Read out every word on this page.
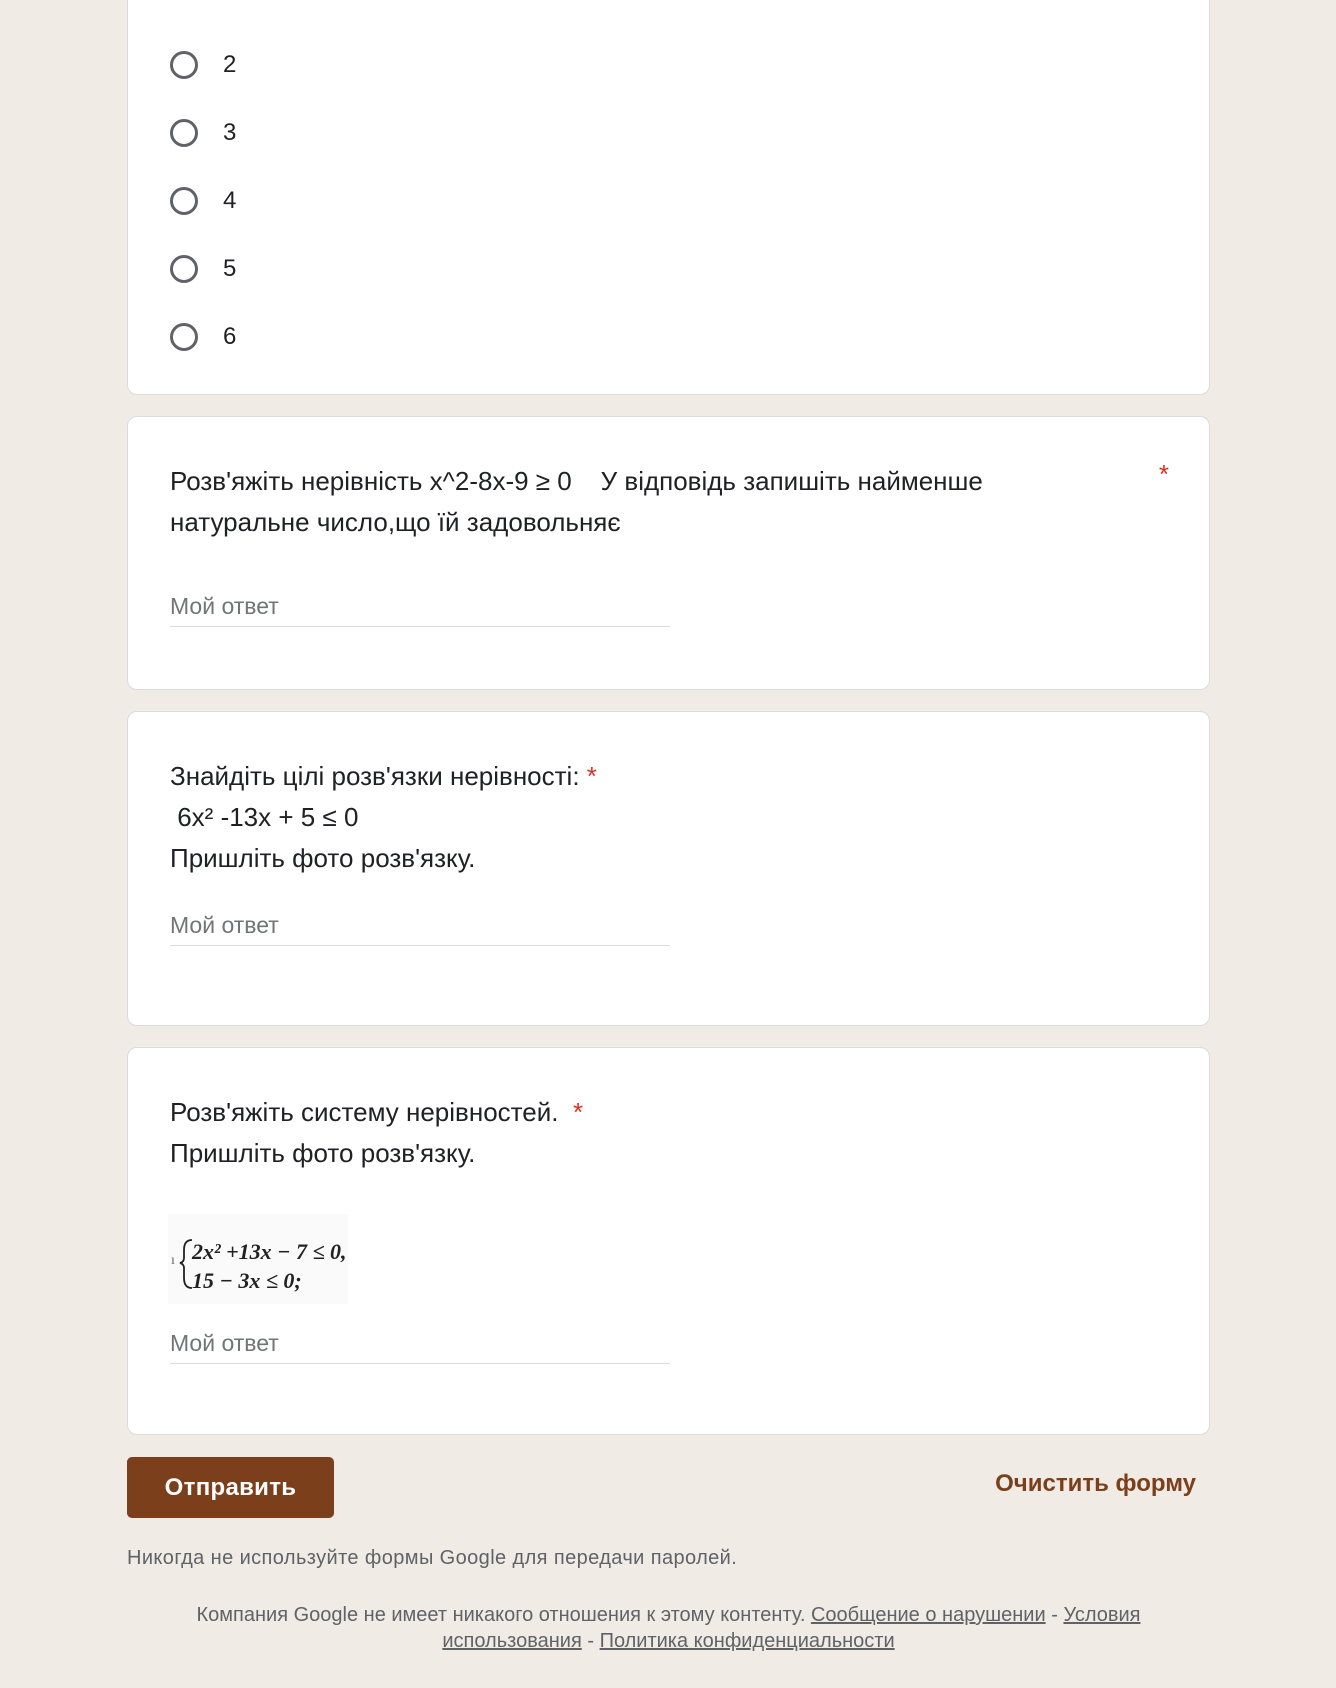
2
3
4
5
6
Розв'яжіть нерівність x^2-8x-9 ≥ 0    У відповідь запишіть найменше
натуральне число,що їй задовольняє
*
Мой ответ
Знайдіть цілі розв'язки нерівності: *
6x² -13x + 5 ≤ 0
Пришліть фото розв'язку.
Мой ответ
Розв'яжіть систему нерівностей. *
Пришліть фото розв'язку.
ı 2x² +13x − 7 ≤ 0,
15 − 3x ≤ 0;
Мой ответ
Отправить	Очистить форму
Никогда не используйте формы Google для передачи паролей.
Компания Google не имеет никакого отношения к этому контенту. Сообщение о нарушении - Условия использования - Политика конфиденциальности
